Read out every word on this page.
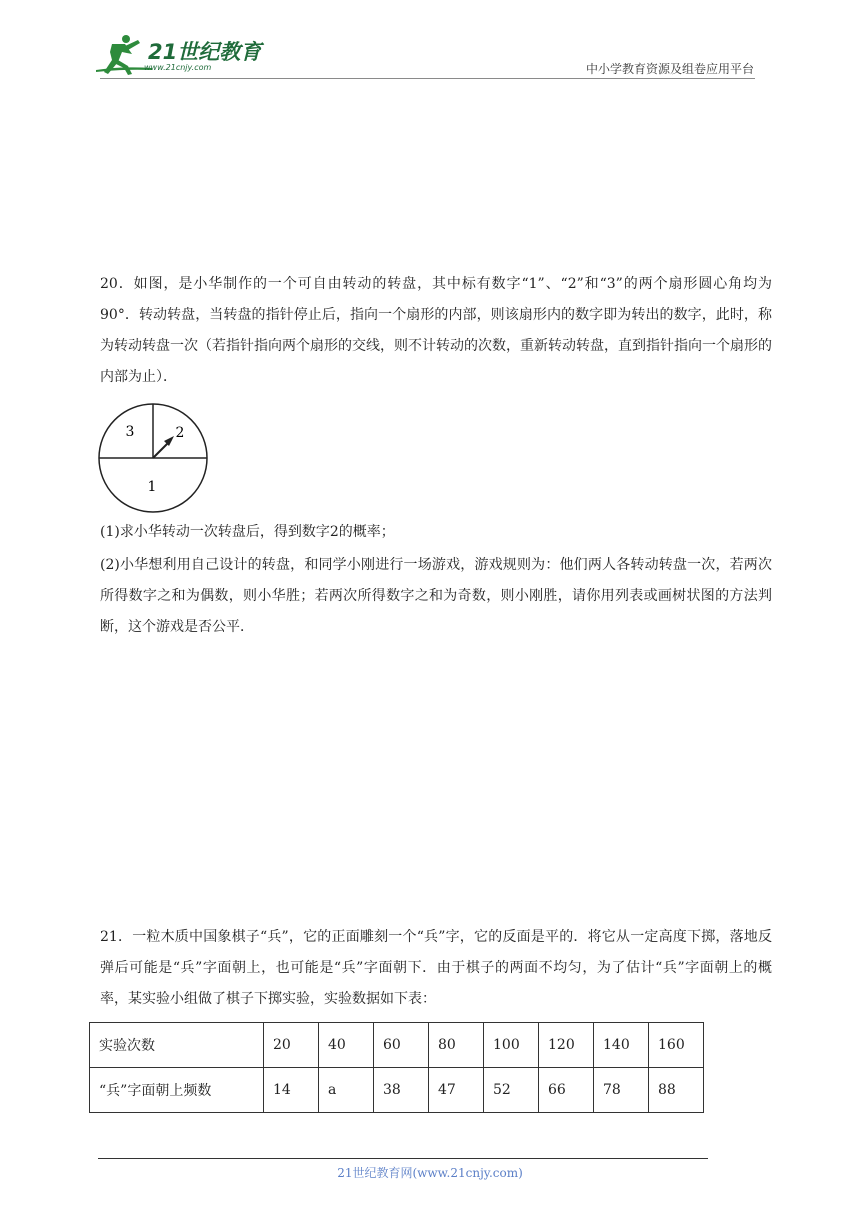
21世纪教育
www.21cnjy.com	中小学教育资源及组卷应用平台
20．如图，是小华制作的一个可自由转动的转盘，其中标有数字“1”、“2”和“3”的两个扇形圆心角均为90°．转动转盘，当转盘的指针停止后，指向一个扇形的内部，则该扇形内的数字即为转出的数字，此时，称为转动转盘一次（若指针指向两个扇形的交线，则不计转动的次数，重新转动转盘，直到指针指向一个扇形的内部为止）．
3	2
1
(1)求小华转动一次转盘后，得到数字2的概率；
(2)小华想利用自己设计的转盘，和同学小刚进行一场游戏，游戏规则为：他们两人各转动转盘一次，若两次所得数字之和为偶数，则小华胜；若两次所得数字之和为奇数，则小刚胜，请你用列表或画树状图的方法判断，这个游戏是否公平．
21．一粒木质中国象棋子“兵”，它的正面雕刻一个“兵”字，它的反面是平的．将它从一定高度下掷，落地反弹后可能是“兵”字面朝上，也可能是“兵”字面朝下．由于棋子的两面不均匀，为了估计“兵”字面朝上的概率，某实验小组做了棋子下掷实验，实验数据如下表：
实验次数	20	40	60	80	100	120	140	160
“兵”字面朝上频数	14	a	38	47	52	66	78	88
21世纪教育网(www.21cnjy.com)
